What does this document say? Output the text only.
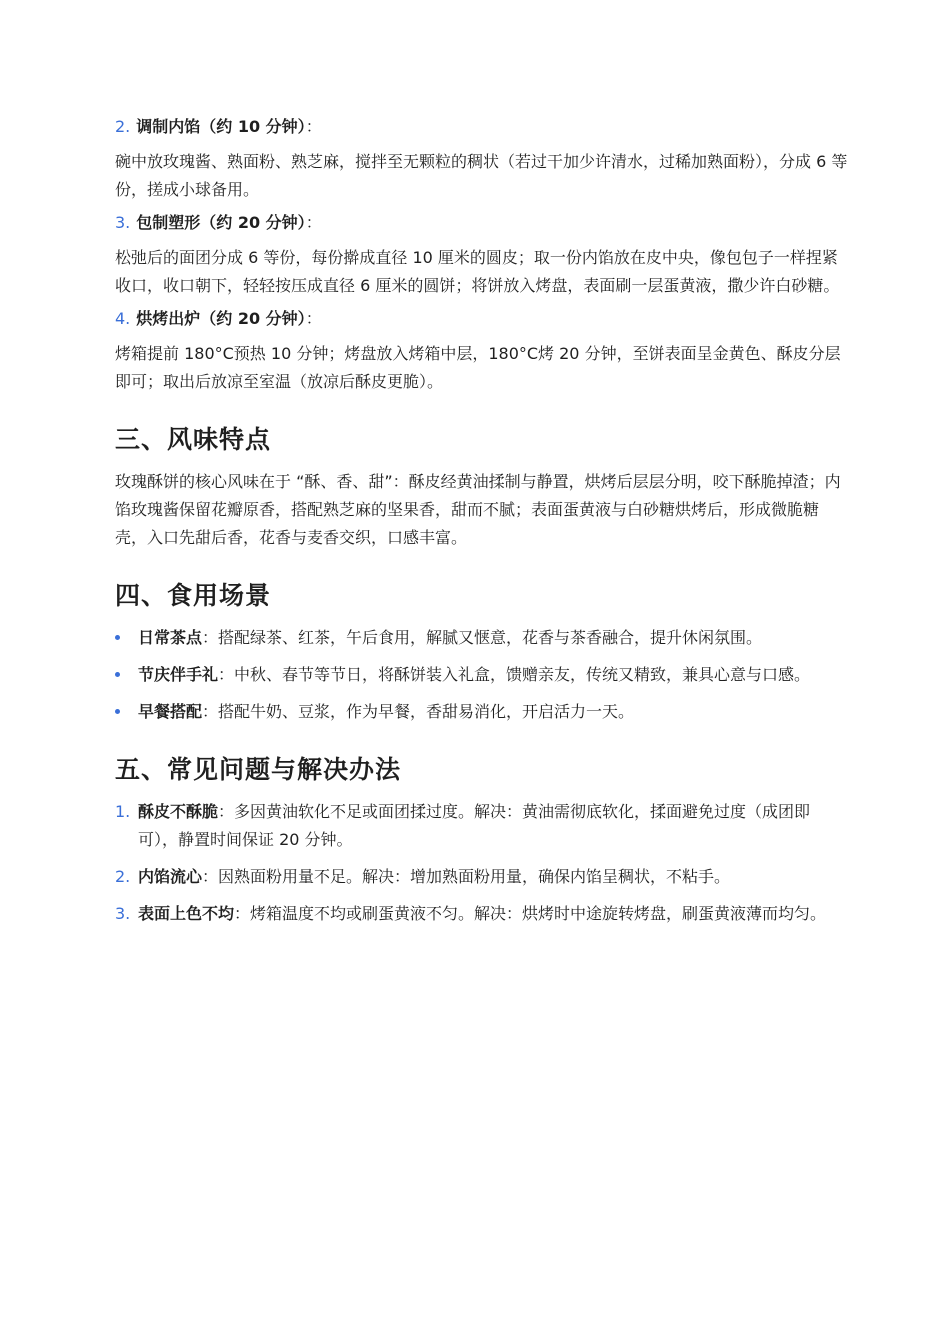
2. 调制内馅（约 10 分钟）：

碗中放玫瑰酱、熟面粉、熟芝麻，搅拌至无颗粒的稠状（若过干加少许清水，过稀加熟面粉），分成 6 等份，搓成小球备用。

3. 包制塑形（约 20 分钟）：

松弛后的面团分成 6 等份，每份擀成直径 10 厘米的圆皮；取一份内馅放在皮中央，像包包子一样捏紧收口，收口朝下，轻轻按压成直径 6 厘米的圆饼；将饼放入烤盘，表面刷一层蛋黄液，撒少许白砂糖。

4. 烘烤出炉（约 20 分钟）：

烤箱提前 180°C预热 10 分钟；烤盘放入烤箱中层，180°C烤 20 分钟，至饼表面呈金黄色、酥皮分层即可；取出后放凉至室温（放凉后酥皮更脆）。

三、风味特点

玫瑰酥饼的核心风味在于 “酥、香、甜”：酥皮经黄油揉制与静置，烘烤后层层分明，咬下酥脆掉渣；内馅玫瑰酱保留花瓣原香，搭配熟芝麻的坚果香，甜而不腻；表面蛋黄液与白砂糖烘烤后，形成微脆糖壳，入口先甜后香，花香与麦香交织，口感丰富。

四、食用场景
日常茶点：搭配绿茶、红茶，午后食用，解腻又惬意，花香与茶香融合，提升休闲氛围。
节庆伴手礼：中秋、春节等节日，将酥饼装入礼盒，馈赠亲友，传统又精致，兼具心意与口感。
早餐搭配：搭配牛奶、豆浆，作为早餐，香甜易消化，开启活力一天。
五、常见问题与解决办法
1. 酥皮不酥脆：多因黄油软化不足或面团揉过度。解决：黄油需彻底软化，揉面避免过度（成团即可），静置时间保证 20 分钟。
2. 内馅流心：因熟面粉用量不足。解决：增加熟面粉用量，确保内馅呈稠状，不粘手。
3. 表面上色不均：烤箱温度不均或刷蛋黄液不匀。解决：烘烤时中途旋转烤盘，刷蛋黄液薄而均匀。
